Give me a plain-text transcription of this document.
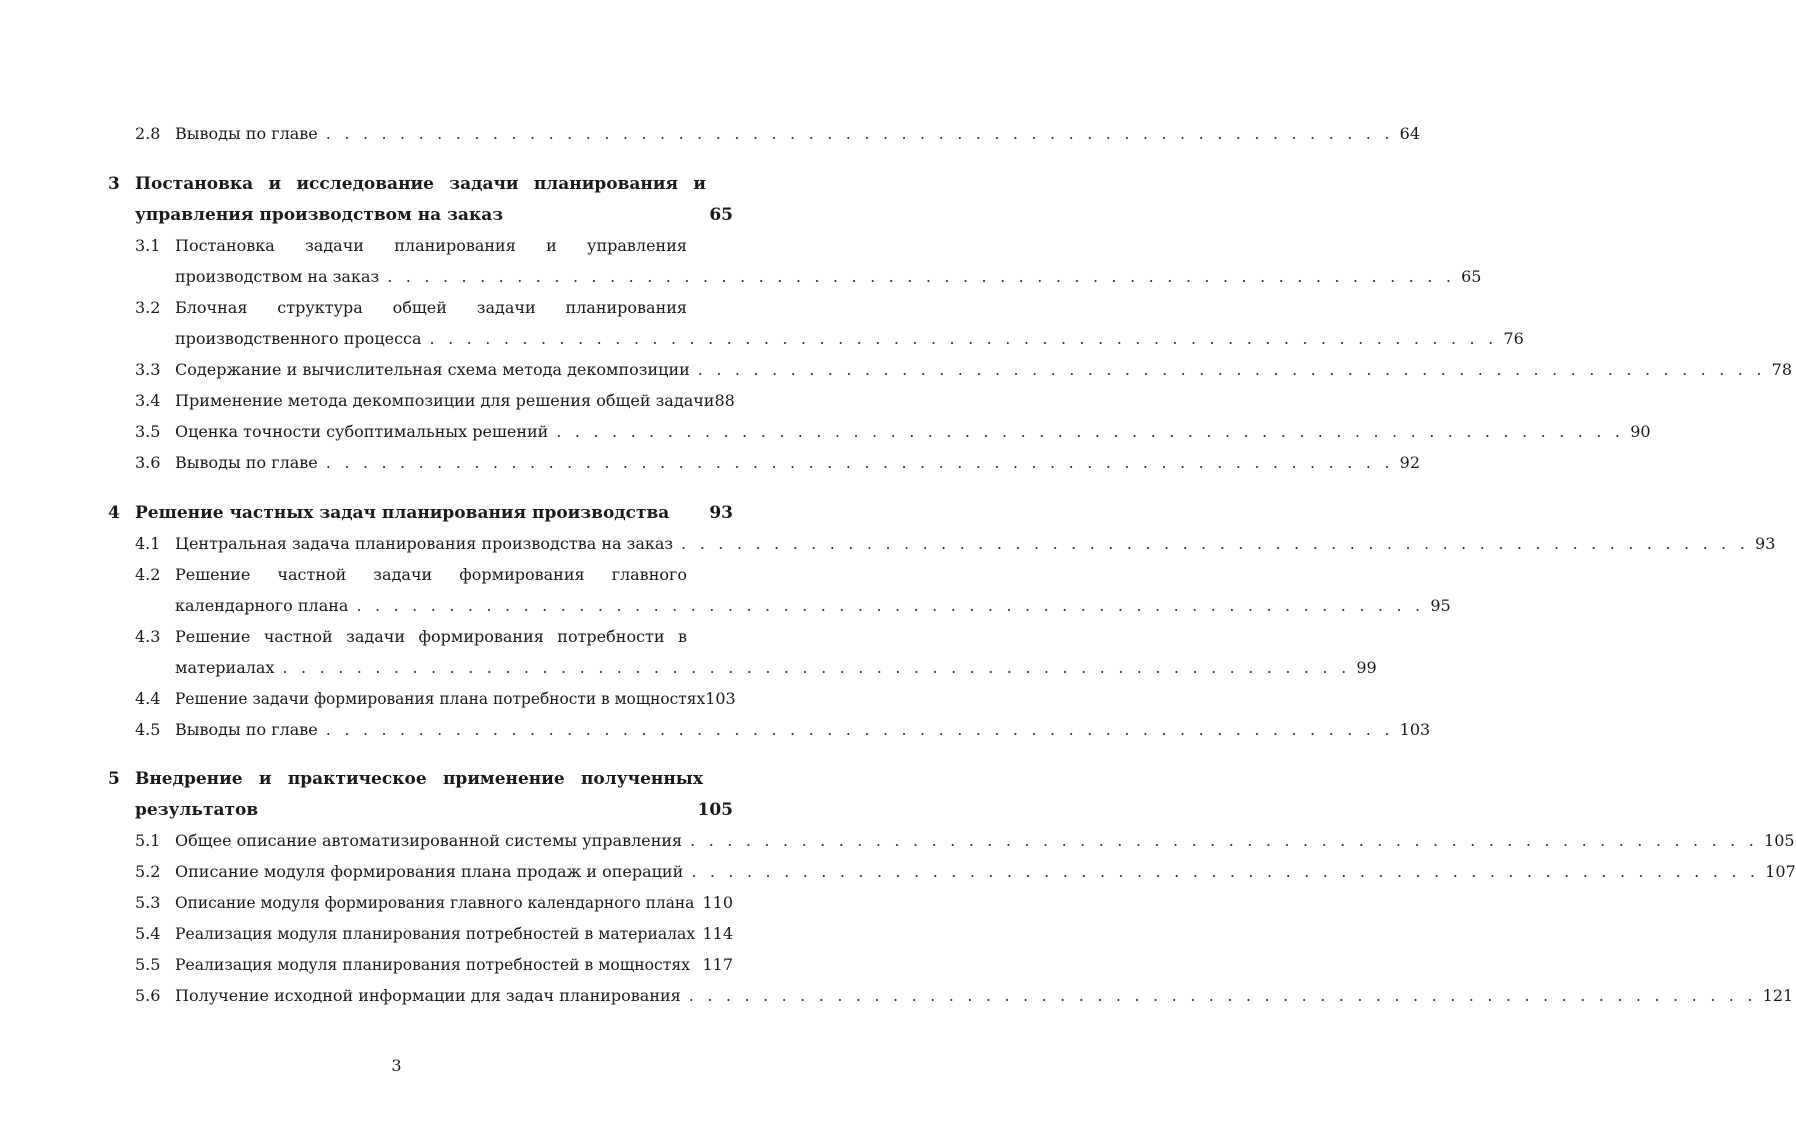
2.8 Выводы по главе . . .	64
3 Постановка и исследование задачи планирования и
управления производством на заказ	65
3.1 Постановка задачи планирования и управления
производством на заказ . . .	65
3.2 Блочная структура общей задачи планирования
производственного процесса . . .	76
3.3 Содержание и вычислительная схема метода декомпозиции . . .	78
3.4 Применение метода декомпозиции для решения общей задачи 88
3.5 Оценка точности субоптимальных решений . . .	90
3.6 Выводы по главе . . .	92
4 Решение частных задач планирования производства 93
4.1 Центральная задача планирования производства на заказ . . .	93
4.2 Решение частной задачи формирования главного
календарного плана . . .	95
4.3 Решение частной задачи формирования потребности в
материалах . . .	99
4.4 Решение задачи формирования плана потребности в мощностях 103
4.5 Выводы по главе . . .	103
5 Внедрение и практическое применение полученных
результатов	105
5.1 Общее описание автоматизированной системы управления . . .	105
5.2 Описание модуля формирования плана продаж и операций . . .	107
5.3 Описание модуля формирования главного календарного плана 110
5.4 Реализация модуля планирования потребностей в материалах 114
5.5 Реализация модуля планирования потребностей в мощностях 117
5.6 Получение исходной информации для задач планирования . . .	121
3
